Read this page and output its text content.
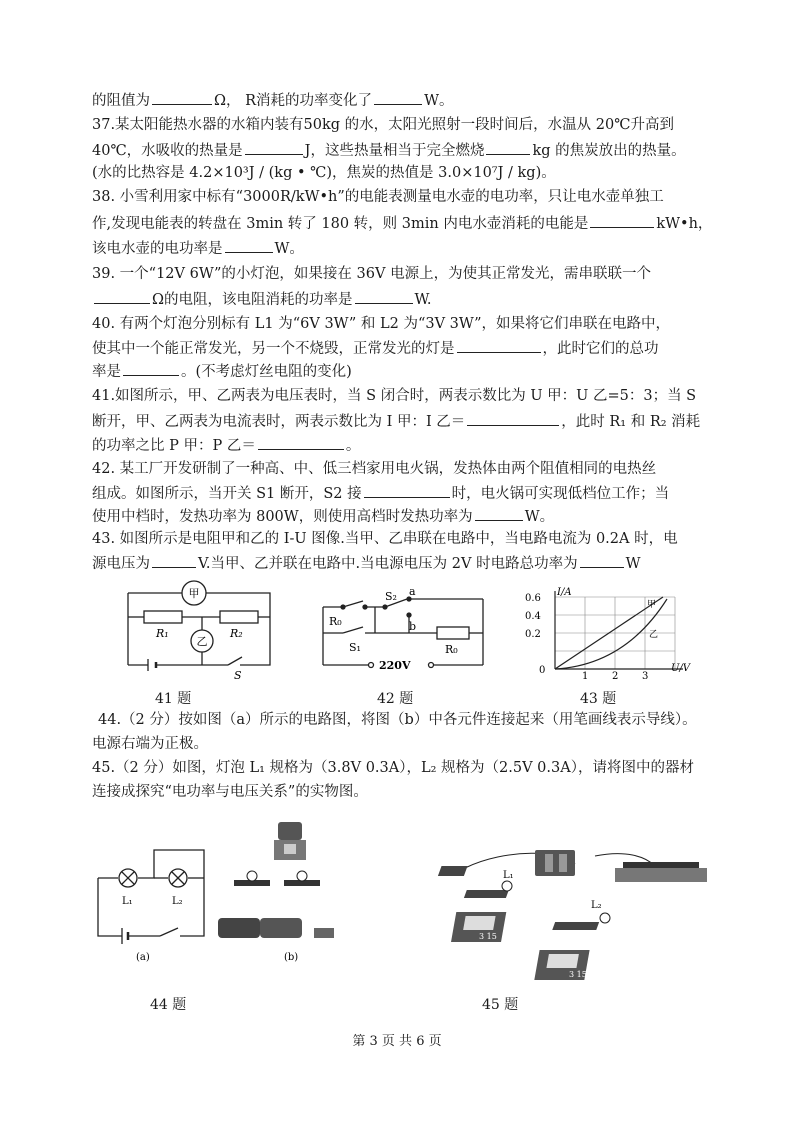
的阻值为	Ω， R消耗的功率变化了	W。
37.某太阳能热水器的水箱内装有50kg 的水，太阳光照射一段时间后，水温从 20℃升高到
40℃，水吸收的热量是	J，这些热量相当于完全燃烧	kg 的焦炭放出的热量。
(水的比热容是 4.2×10³J / (kg • ℃)，焦炭的热值是 3.0×10⁷J / kg)。
38. 小雪利用家中标有“3000R/kW•h”的电能表测量电水壶的电功率，只让电水壶单独工
作,发现电能表的转盘在 3min 转了 180 转，则 3min 内电水壶消耗的电能是	kW•h，
该电水壶的电功率是	W。
39. 一个“12V 6W”的小灯泡，如果接在 36V 电源上，为使其正常发光，需串联联一个
Ω的电阻，该电阻消耗的功率是	W.
40. 有两个灯泡分别标有 L1 为“6V 3W” 和 L2 为“3V 3W”，如果将它们串联在电路中，
使其中一个能正常发光，另一个不烧毁，正常发光的灯是	，此时它们的总功
率是	。(不考虑灯丝电阻的变化)
41.如图所示，甲、乙两表为电压表时，当 S 闭合时，两表示数比为 U 甲：U 乙=5：3；当 S
断开，甲、乙两表为电流表时，两表示数比为 I 甲：I 乙＝	，此时 R₁ 和 R₂ 消耗
的功率之比 P 甲：P 乙＝	。
42. 某工厂开发研制了一种高、中、低三档家用电火锅，发热体由两个阻值相同的电热丝
组成。如图所示，当开关 S1 断开，S2 接	时，电火锅可实现低档位工作；当
使用中档时，发热功率为 800W，则使用高档时发热功率为	W。
43. 如图所示是电阻甲和乙的 I-U 图像.当甲、乙串联在电路中，当电路电流为 0.2A 时，电
源电压为	V.当甲、乙并联在电路中.当电源电压为 2V 时电路总功率为	W
甲
乙
R₁	R₂
S
41 题
a
b
S₂
R₀
S₁	R₀
220V
42 题
I/A
U/V
0.6
0.4
0.2
0
1 2 3
甲
乙
43 题
44.（2 分）按如图（a）所示的电路图，将图（b）中各元件连接起来（用笔画线表示导线）。
电源右端为正极。
45.（2 分）如图，灯泡 L₁ 规格为（3.8V 0.3A），L₂ 规格为（2.5V 0.3A），请将图中的器材
连接成探究“电功率与电压关系”的实物图。
L₁	L₂
(a)	(b)
44 题
L₁
L₂
3 15
3 15
45 题
第 3 页 共 6 页
